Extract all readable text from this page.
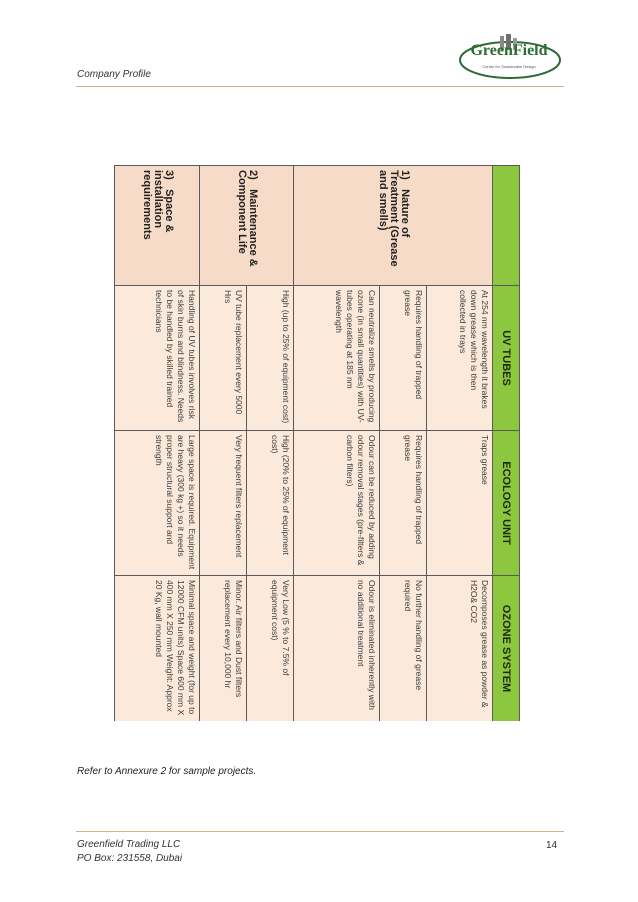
Company Profile
GreenField
Centre for Sustainable Design
	UV TUBES	ECOLOGY UNIT	OZONE SYSTEM
1) Nature of Treatment (Grease and smells)	At 254 nm wavelength it brakes down grease which is then collected in trays	Traps grease	Decomposes grease as powder & H2O& CO2
	Requires handling of trapped grease	Requires handling of trapped grease	No further handling of grease required
	Can neutralize smells by producing ozone (in small quantities) with UV-tubes operating at 185 nm wavelength	Odour can be reduced by adding odour removal stages (pre-filters & carbon filters)	Odour is eliminated inherently with no additional treatment
2) Maintenance & Component Life	High (up to 25% of equipment cost)	High (20% to 25% of equipment cost)	Very Low (5 % to 7.5% of equipment cost)
	UV tube replacement every 5000 Hrs	Very frequent filters replacement	Minor. Air filters and Dust filters replacement every 10,000 hr
3) Space & installation requirements	Handling of UV tubes involves risk of skin burns and blindness. Needs to be handled by skilled trained technicians	Large space is required. Equipment are heavy (300 kg +) so it needs proper structural support and strength	Minimal space and weight (for up to 12000 CFM units) Space 600 mm X 400 mm X 250 mm Weight: Approx 20 Kg, wall mounted
Refer to Annexure 2 for sample projects.
Greenfield Trading LLC
PO Box: 231558, Dubai
14
